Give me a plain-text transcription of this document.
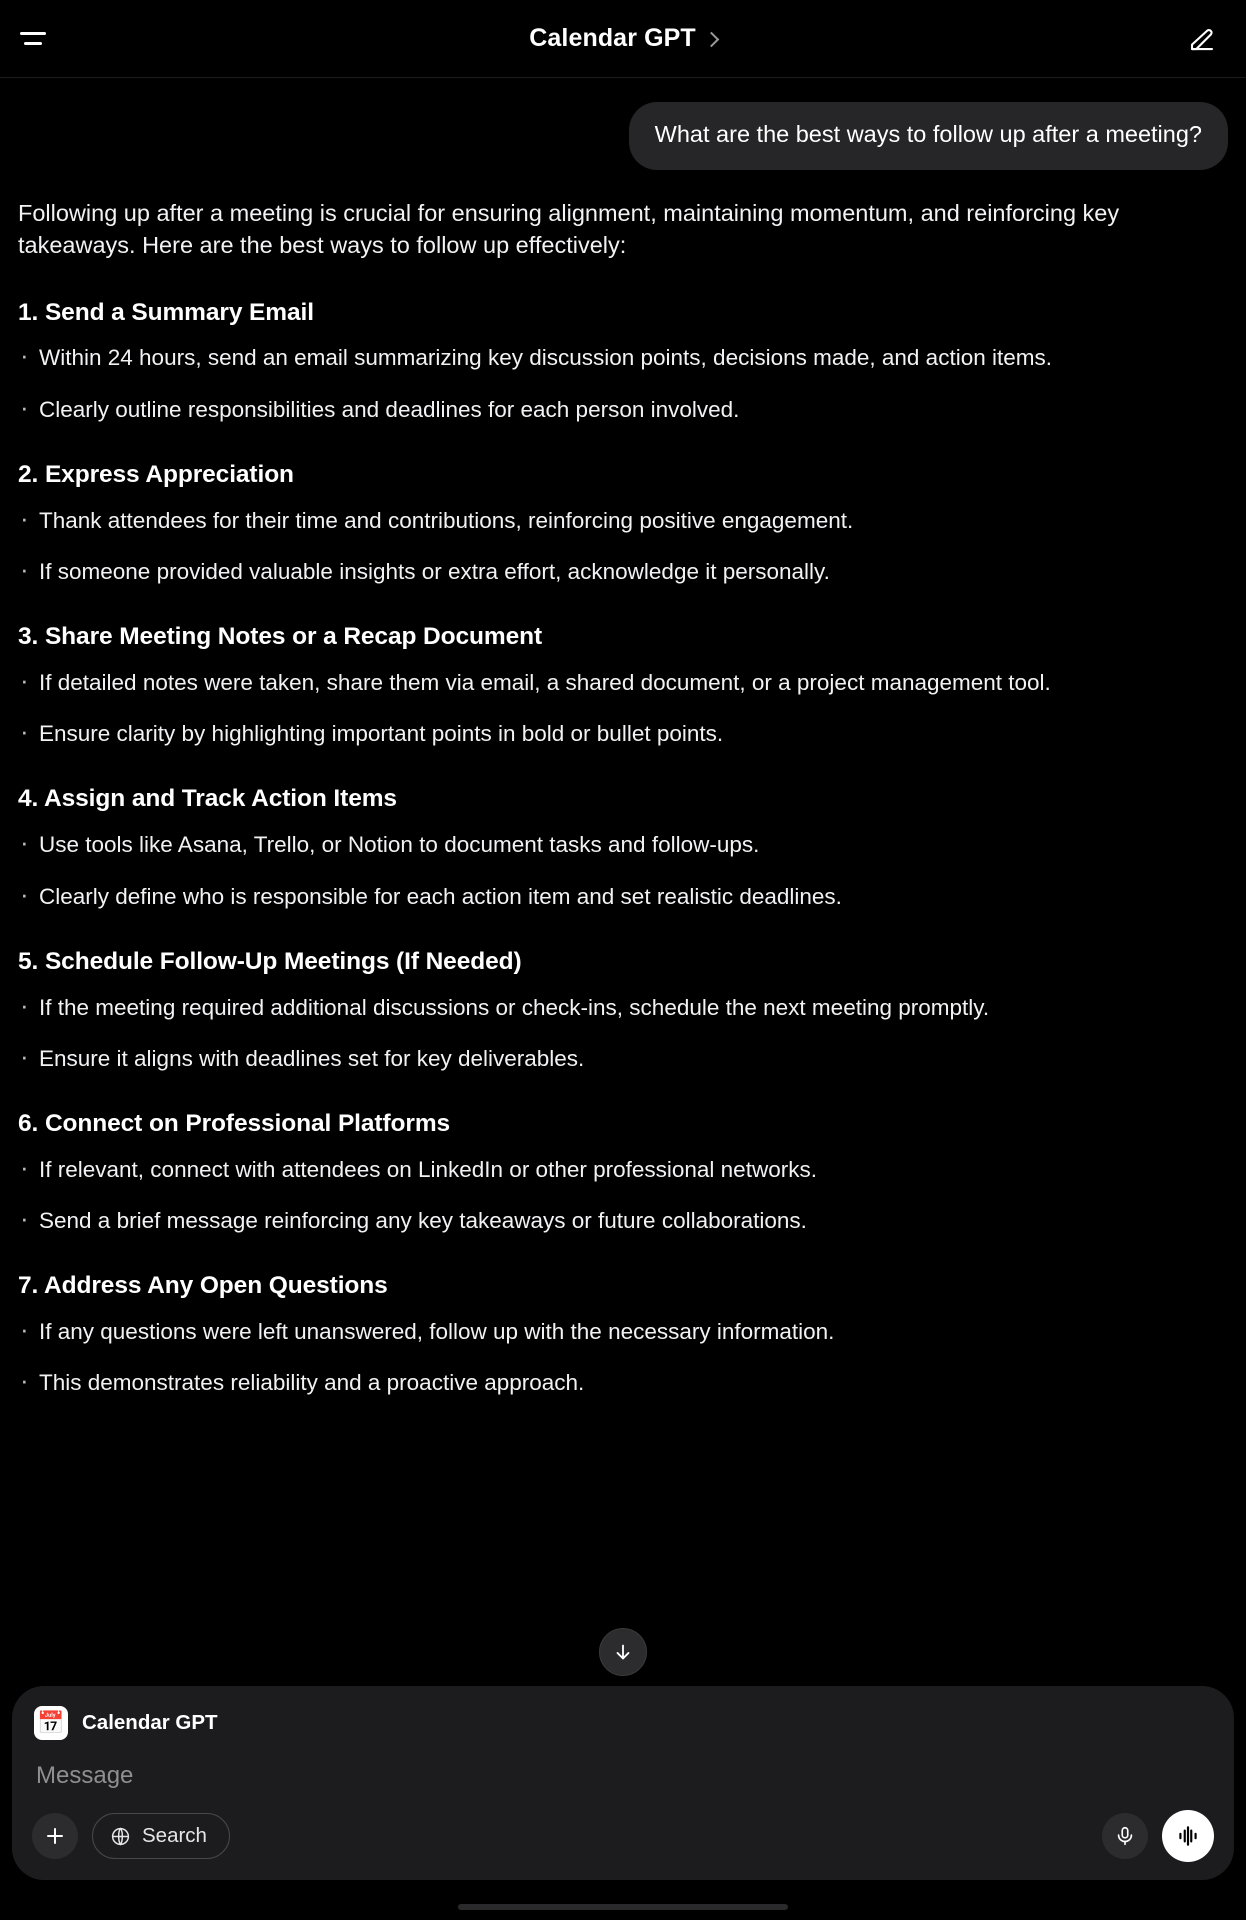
Calendar GPT
What are the best ways to follow up after a meeting?

Following up after a meeting is crucial for ensuring alignment, maintaining momentum, and reinforcing key takeaways. Here are the best ways to follow up effectively:

1. Send a Summary Email
· Within 24 hours, send an email summarizing key discussion points, decisions made, and action items.
· Clearly outline responsibilities and deadlines for each person involved.
2. Express Appreciation
· Thank attendees for their time and contributions, reinforcing positive engagement.
· If someone provided valuable insights or extra effort, acknowledge it personally.
3. Share Meeting Notes or a Recap Document
· If detailed notes were taken, share them via email, a shared document, or a project management tool.
· Ensure clarity by highlighting important points in bold or bullet points.
4. Assign and Track Action Items
· Use tools like Asana, Trello, or Notion to document tasks and follow-ups.
· Clearly define who is responsible for each action item and set realistic deadlines.
5. Schedule Follow-Up Meetings (If Needed)
· If the meeting required additional discussions or check-ins, schedule the next meeting promptly.
· Ensure it aligns with deadlines set for key deliverables.
6. Connect on Professional Platforms
· If relevant, connect with attendees on LinkedIn or other professional networks.
· Send a brief message reinforcing any key takeaways or future collaborations.
7. Address Any Open Questions
· If any questions were left unanswered, follow up with the necessary information.
· This demonstrates reliability and a proactive approach.
📅 Calendar GPT
Message
Search
